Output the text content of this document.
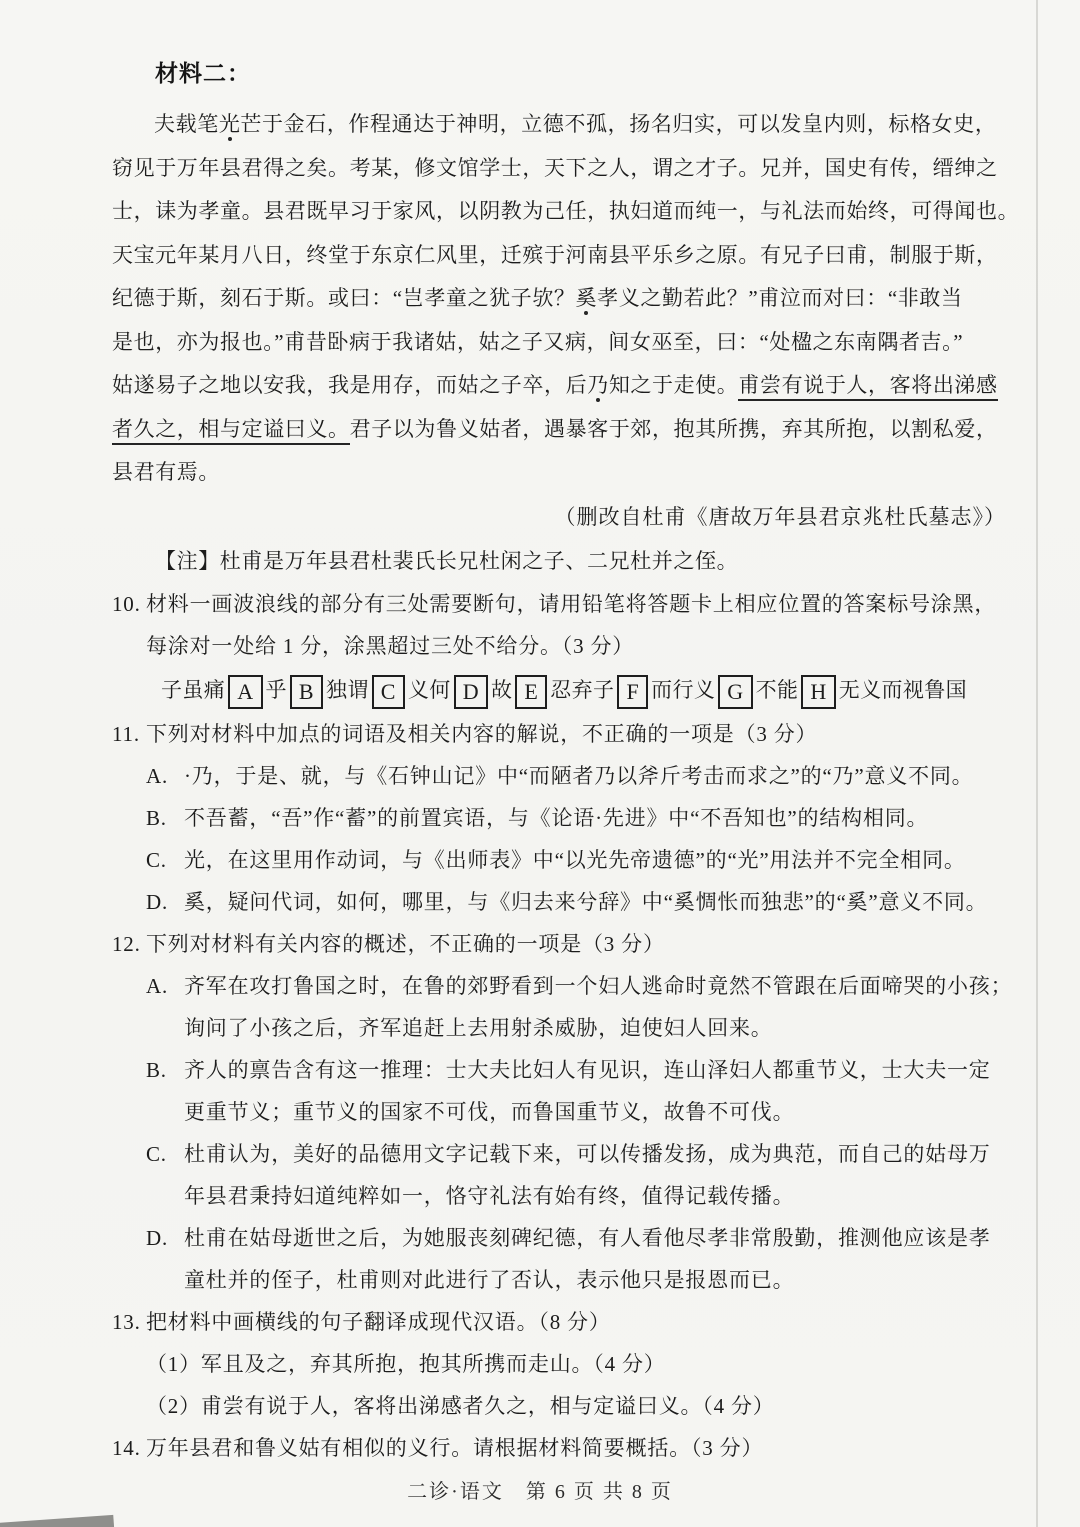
材料二：
夫载笔光芒于金石，作程通达于神明，立德不孤，扬名归实，可以发皇内则，标格女史，
窃见于万年县君得之矣。考某，修文馆学士，天下之人，谓之才子。兄并，国史有传，缙绅之
士，诔为孝童。县君既早习于家风，以阴教为己任，执妇道而纯一，与礼法而始终，可得闻也。
天宝元年某月八日，终堂于东京仁风里，迁殡于河南县平乐乡之原。有兄子曰甫，制服于斯，
纪德于斯，刻石于斯。或曰：“岂孝童之犹子欤？奚孝义之勤若此？”甫泣而对曰：“非敢当
是也，亦为报也。”甫昔卧病于我诸姑，姑之子又病，间女巫至，曰：“处楹之东南隅者吉。”
姑遂易子之地以安我，我是用存，而姑之子卒，后乃知之于走使。甫尝有说于人，客将出涕感
者久之，相与定谥曰义。君子以为鲁义姑者，遇暴客于郊，抱其所携，弃其所抱，以割私爱，
县君有焉。
（删改自杜甫《唐故万年县君京兆杜氏墓志》）
【注】杜甫是万年县君杜裴氏长兄杜闲之子、二兄杜并之侄。
10. 材料一画波浪线的部分有三处需要断句，请用铅笔将答题卡上相应位置的答案标号涂黑，
每涂对一处给 1 分，涂黑超过三处不给分。（3 分）
子虽痛 A 乎 B 独谓 C 义何 D 故 E 忍弃子 F 而行义 G 不能 H 无义而视鲁国
11. 下列对材料中加点的词语及相关内容的解说，不正确的一项是（3 分）
A. ·乃，于是、就，与《石钟山记》中“而陋者乃以斧斤考击而求之”的“乃”意义不同。
B. 不吾蓄，“吾”作“蓄”的前置宾语，与《论语·先进》中“不吾知也”的结构相同。
C. 光，在这里用作动词，与《出师表》中“以光先帝遗德”的“光”用法并不完全相同。
D. 奚，疑问代词，如何，哪里，与《归去来兮辞》中“奚惆怅而独悲”的“奚”意义不同。
12. 下列对材料有关内容的概述，不正确的一项是（3 分）
A. 齐军在攻打鲁国之时，在鲁的郊野看到一个妇人逃命时竟然不管跟在后面啼哭的小孩；
询问了小孩之后，齐军追赶上去用射杀威胁，迫使妇人回来。
B. 齐人的禀告含有这一推理：士大夫比妇人有见识，连山泽妇人都重节义，士大夫一定
更重节义；重节义的国家不可伐，而鲁国重节义，故鲁不可伐。
C. 杜甫认为，美好的品德用文字记载下来，可以传播发扬，成为典范，而自己的姑母万
年县君秉持妇道纯粹如一，恪守礼法有始有终，值得记载传播。
D. 杜甫在姑母逝世之后，为她服丧刻碑纪德，有人看他尽孝非常殷勤，推测他应该是孝
童杜并的侄子，杜甫则对此进行了否认，表示他只是报恩而已。
13. 把材料中画横线的句子翻译成现代汉语。（8 分）
（1）军且及之，弃其所抱，抱其所携而走山。（4 分）
（2）甫尝有说于人，客将出涕感者久之，相与定谥曰义。（4 分）
14. 万年县君和鲁义姑有相似的义行。请根据材料简要概括。（3 分）
二诊·语文　第 6 页 共 8 页
